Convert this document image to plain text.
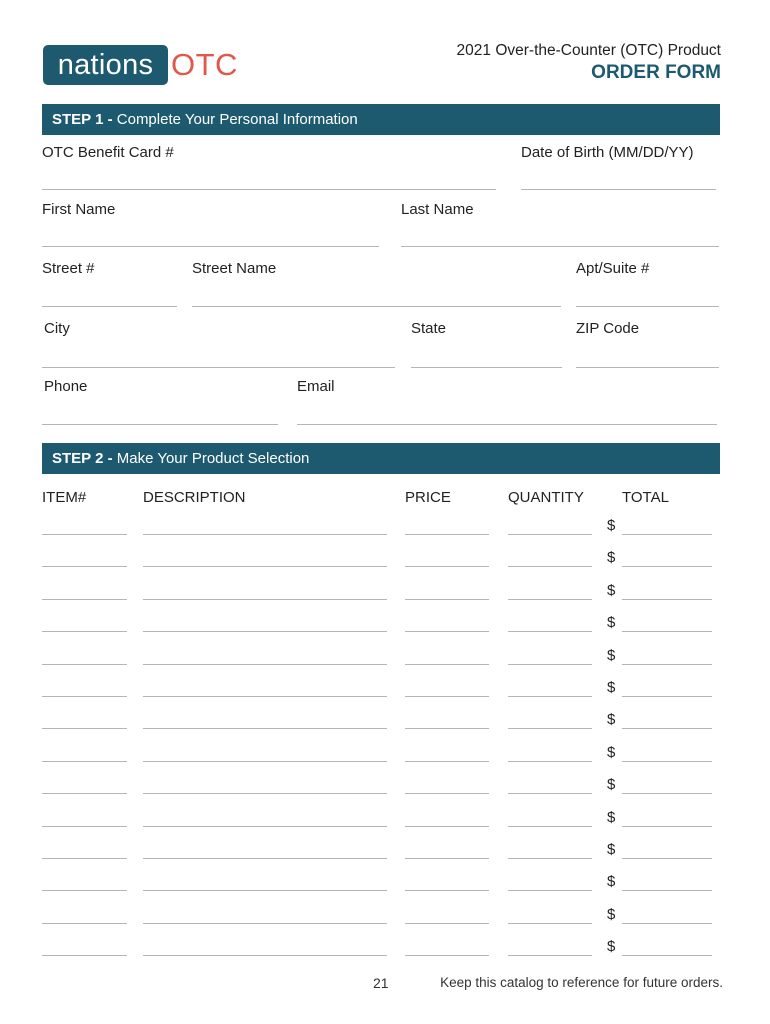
nations OTC	2021 Over-the-Counter (OTC) Product
ORDER FORM
STEP 1 - Complete Your Personal Information
OTC Benefit Card #	Date of Birth (MM/DD/YY)
First Name	Last Name
Street #	Street Name	Apt/Suite #
City	State	ZIP Code
Phone	Email
STEP 2 - Make Your Product Selection
ITEM#	DESCRIPTION	PRICE	QUANTITY	TOTAL
$
$
$
$
$
$
$
$
$
$
$
$
$
$
21	Keep this catalog to reference for future orders.
